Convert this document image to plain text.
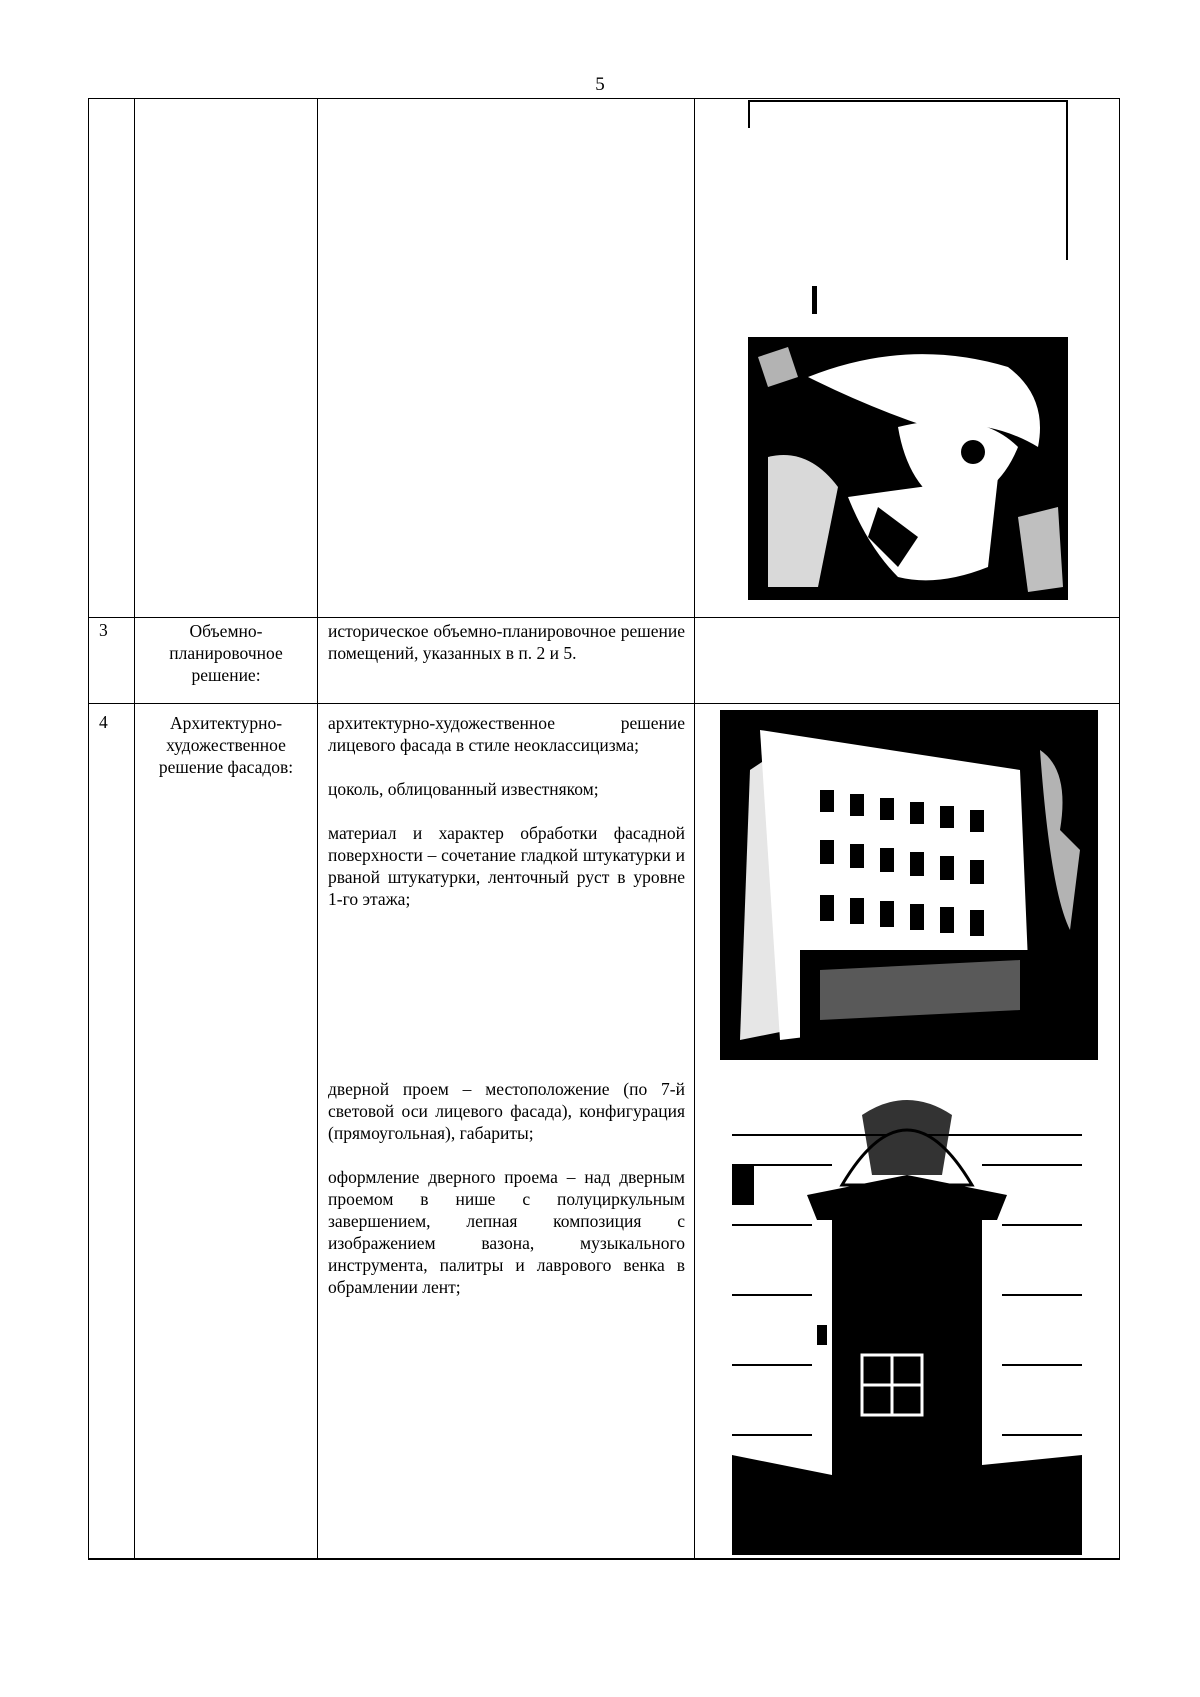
5
3	Объемно-планировочное решение:
историческое объемно-планировочное решение помещений, указанных в п. 2 и 5.
4	Архитектурно-художественное решение фасадов:

архитектурно-художественное решение лицевого фасада в стиле неоклассицизма;

цоколь, облицованный известняком;

материал и характер обработки фасадной поверхности – сочетание гладкой штукатурки и рваной штукатурки, ленточный руст в уровне 1-го этажа;

дверной проем – местоположение (по 7-й световой оси лицевого фасада), конфигурация (прямоугольная), габариты;

оформление дверного проема – над дверным проемом в нише с полуциркульным завершением, лепная композиция с изображением вазона, музыкального инструмента, палитры и лаврового венка в обрамлении лент;
